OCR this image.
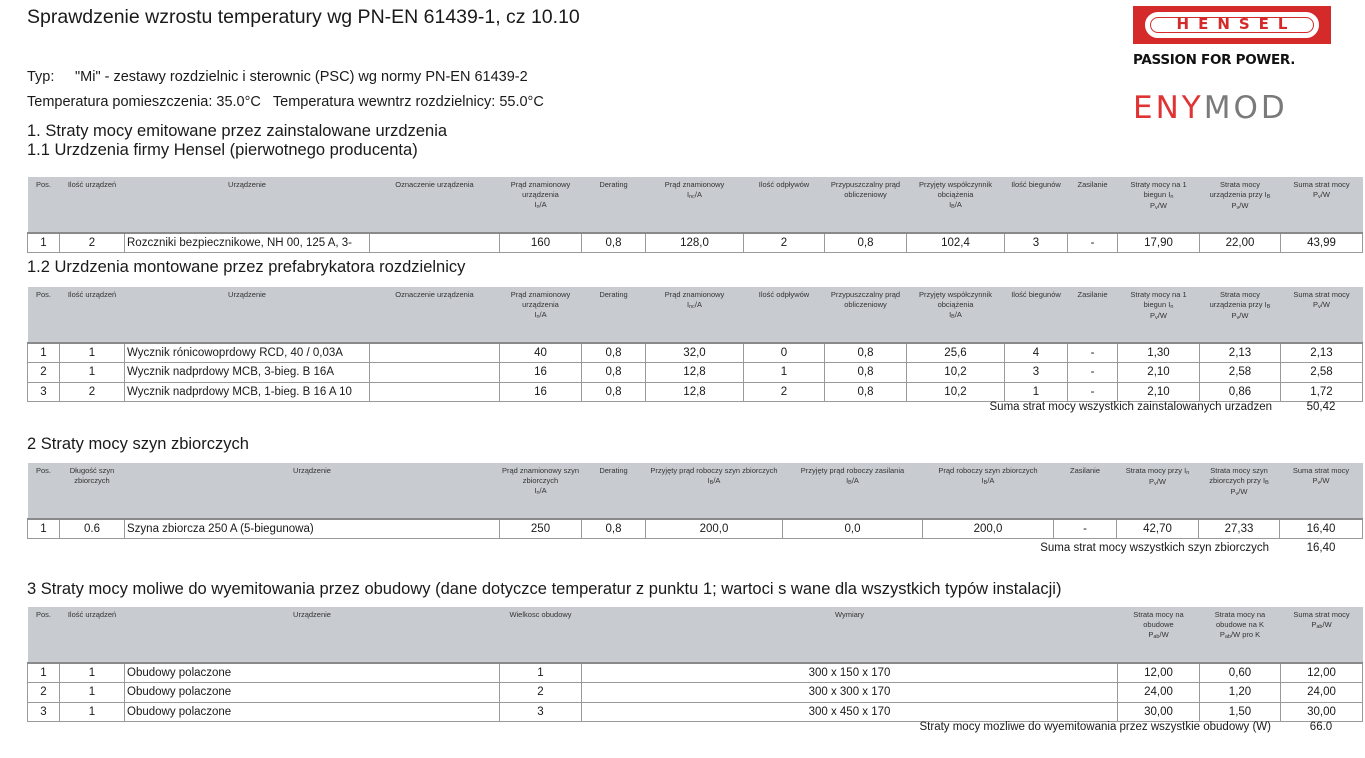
Sprawdzenie wzrostu temperatury wg PN-EN 61439-1, cz 10.10
Typ: "Mi" - zestawy rozdzielnic i sterownic (PSC) wg normy PN-EN 61439-2
Temperatura pomieszczenia: 35.0°C Temperatura wewntrz rozdzielnicy: 55.0°C
HENSEL
PASSION FOR POWER.
ENYMOD
1. Straty mocy emitowane przez zainstalowane urzdzenia
1.1 Urzdzenia firmy Hensel (pierwotnego producenta)
Pos.	Ilość urządzeń	Urządzenie	Oznaczenie urządzenia	Prąd znamionowy urządzenia
In/A	Derating	Prąd znamionowy
Inc/A	Ilość odpływów	Przypuszczalny prąd obliczeniowy	Przyjęty współczynnik obciążenia
IB/A	Ilość biegunów	Zasilanie	Straty mocy na 1 biegun In
Pv/W	Strata mocy urządzenia przy IB
Pv/W	Suma strat mocy
Pv/W
1	2	Rozczniki bezpiecznikowe, NH 00, 125 A, 3-		160	0,8	128,0	2	0,8	102,4	3	-	17,90	22,00	43,99
1.2 Urzdzenia montowane przez prefabrykatora rozdzielnicy
Pos.	Ilość urządzeń	Urządzenie	Oznaczenie urządzenia	Prąd znamionowy urządzenia
In/A	Derating	Prąd znamionowy
Inc/A	Ilość odpływów	Przypuszczalny prąd obliczeniowy	Przyjęty współczynnik obciążenia
IB/A	Ilość biegunów	Zasilanie	Straty mocy na 1 biegun In
Pv/W	Strata mocy urządzenia przy IB
Pv/W	Suma strat mocy
Pv/W
1	1	Wycznik rónicowoprdowy RCD, 40 / 0,03A		40	0,8	32,0	0	0,8	25,6	4	-	1,30	2,13	2,13
2	1	Wycznik nadprdowy MCB, 3-bieg. B 16A		16	0,8	12,8	1	0,8	10,2	3	-	2,10	2,58	2,58
3	2	Wycznik nadprdowy MCB, 1-bieg. B 16 A 10		16	0,8	12,8	2	0,8	10,2	1	-	2,10	0,86	1,72
Suma strat mocy wszystkich zainstalowanych urzadzen	50,42
2 Straty mocy szyn zbiorczych
Pos.	Długość szyn zbiorczych	Urządzenie	Prąd znamionowy szyn zbiorczych
In/A	Derating	Przyjęty prąd roboczy szyn zbiorczych
IB/A	Przyjęty prąd roboczy zasilania
IB/A	Prąd roboczy szyn zbiorczych
IB/A	Zasilanie	Strata mocy przy In
Pv/W	Strata mocy szyn zbiorczych przy IB
Pv/W	Suma strat mocy
Pv/W
1	0.6	Szyna zbiorcza 250 A (5-biegunowa)	250	0,8	200,0	0,0	200,0	-	42,70	27,33	16,40
Suma strat mocy wszystkich szyn zbiorczych	16,40
3 Straty mocy moliwe do wyemitowania przez obudowy (dane dotyczce temperatur z punktu 1; wartoci s wane dla wszystkich typów instalacji)
Pos.	Ilość urządzeń	Urządzenie	Wielkosc obudowy	Wymiary	Strata mocy na obudowe
Pab/W	Strata mocy na obudowe na K
Pab/W pro K	Suma strat mocy
Pab/W
1	1	Obudowy polaczone	1	300 x 150 x 170	12,00	0,60	12,00
2	1	Obudowy polaczone	2	300 x 300 x 170	24,00	1,20	24,00
3	1	Obudowy polaczone	3	300 x 450 x 170	30,00	1,50	30,00
Straty mocy mozliwe do wyemitowania przez wszystkie obudowy (W)	66.0
